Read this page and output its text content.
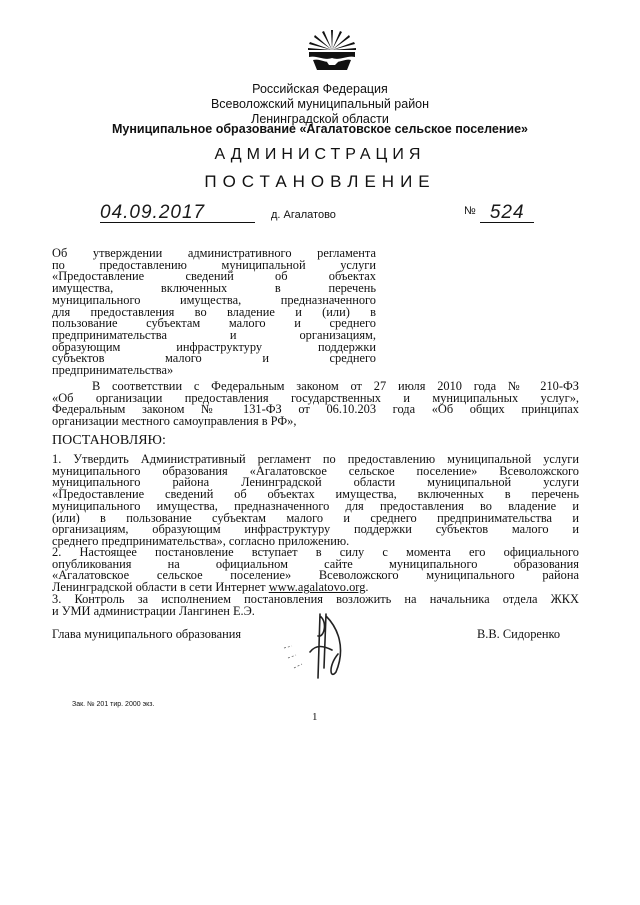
Российская Федерация
Всеволожский муниципальный район
Ленинградской области
Муниципальное образование «Агалатовское сельское поселение»
АДМИНИСТРАЦИЯ
ПОСТАНОВЛЕНИЕ
04.09.2017	д. Агалатово	№ 524
Об утверждении административного регламента
по предоставлению муниципальной услуги
«Предоставление сведений об объектах
имущества, включенных в перечень
муниципального имущества, предназначенного
для предоставления во владение и (или) в
пользование субъектам малого и среднего
предпринимательства и организациям,
образующим инфраструктуру поддержки
субъектов малого и среднего
предпринимательства»
В соответствии с Федеральным законом от 27 июля 2010 года № 210-ФЗ
«Об организации предоставления государственных и муниципальных услуг»,
Федеральным законом № 131-ФЗ от 06.10.203 года «Об общих принципах
организации местного самоуправления в РФ»,
ПОСТАНОВЛЯЮ:
1. Утвердить Административный регламент по предоставлению муниципальной услуги
муниципального образования «Агалатовское сельское поселение» Всеволожского
муниципального района Ленинградской области муниципальной услуги
«Предоставление сведений об объектах имущества, включенных в перечень
муниципального имущества, предназначенного для предоставления во владение и
(или) в пользование субъектам малого и среднего предпринимательства и
организациям, образующим инфраструктуру поддержки субъектов малого и
среднего предпринимательства», согласно приложению.
2. Настоящее постановление вступает в силу с момента его официального
опубликования на официальном сайте муниципального образования
«Агалатовское сельское поселение» Всеволожского муниципального района
Ленинградской области в сети Интернет www.agalatovo.org.
3. Контроль за исполнением постановления возложить на начальника отдела ЖКХ
и УМИ администрации Лангинен Е.Э.
Глава муниципального образования	В.В. Сидоренко
Зак. № 201 тир. 2000 экз.
1
